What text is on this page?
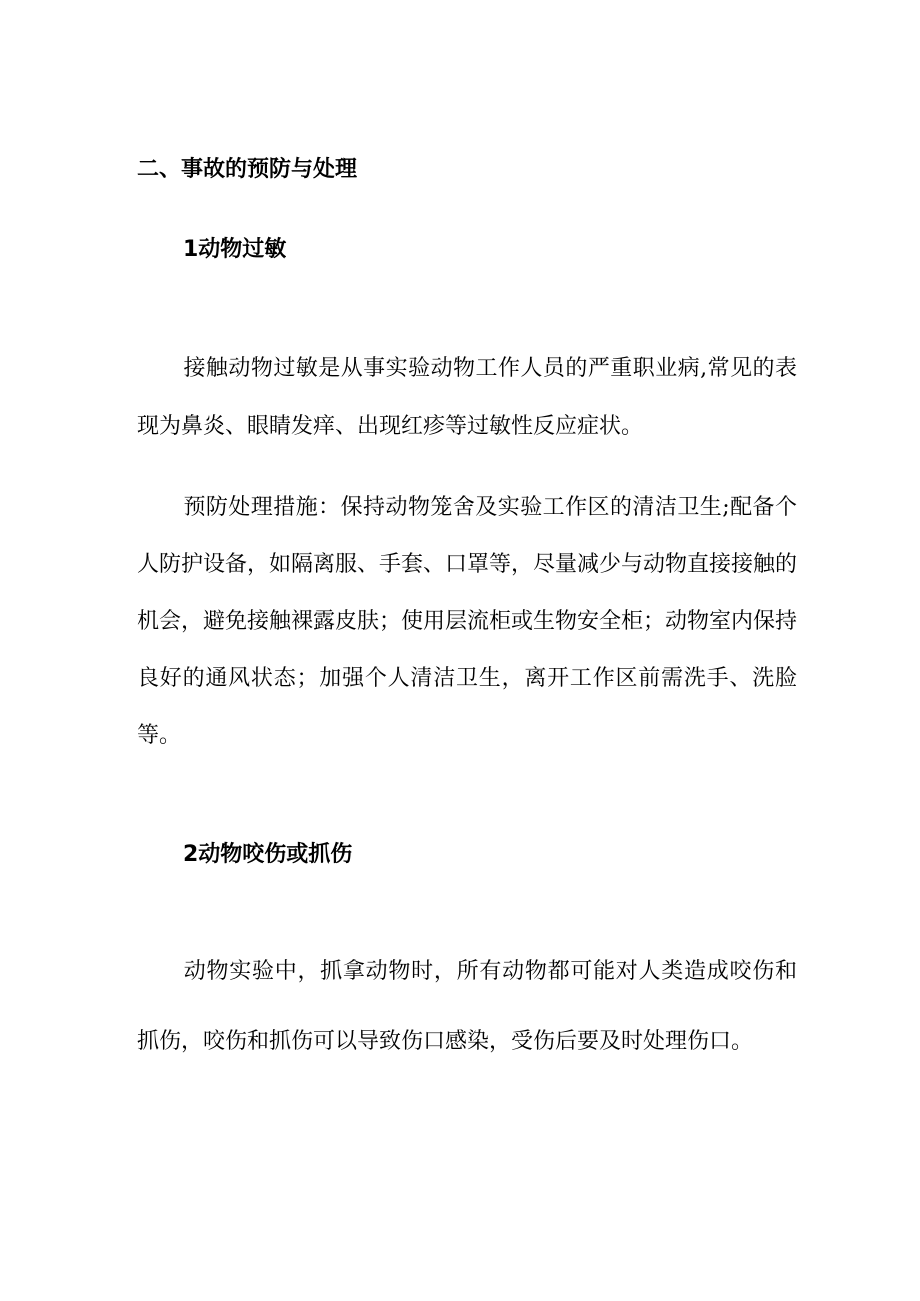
二、事故的预防与处理
1动物过敏

接触动物过敏是从事实验动物工作人员的严重职业病,常见的表现为鼻炎、眼睛发痒、出现红疹等过敏性反应症状。

预防处理措施：保持动物笼舍及实验工作区的清洁卫生;配备个人防护设备，如隔离服、手套、口罩等，尽量减少与动物直接接触的机会，避免接触裸露皮肤；使用层流柜或生物安全柜；动物室内保持良好的通风状态；加强个人清洁卫生，离开工作区前需洗手、洗脸等。

2动物咬伤或抓伤

动物实验中，抓拿动物时，所有动物都可能对人类造成咬伤和抓伤，咬伤和抓伤可以导致伤口感染，受伤后要及时处理伤口。
